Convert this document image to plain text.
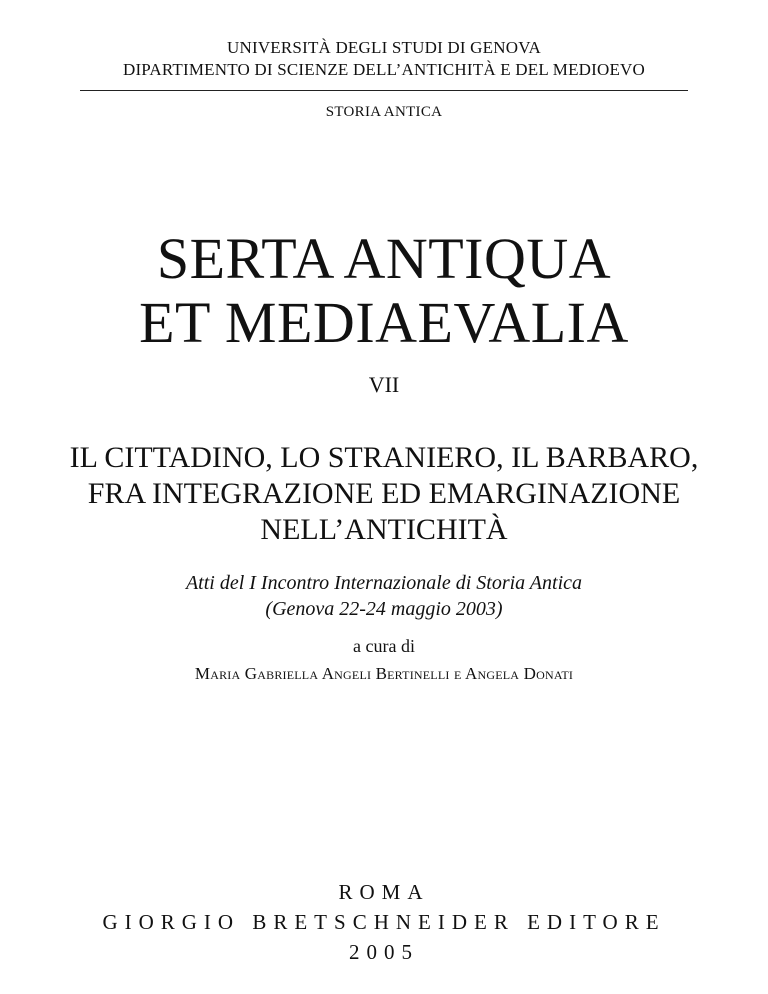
UNIVERSITÀ DEGLI STUDI DI GENOVA
DIPARTIMENTO DI SCIENZE DELL’ANTICHITÀ E DEL MEDIOEVO
STORIA ANTICA
SERTA ANTIQUA
ET MEDIAEVALIA
VII
IL CITTADINO, LO STRANIERO, IL BARBARO,
FRA INTEGRAZIONE ED EMARGINAZIONE
NELL’ANTICHITÀ
Atti del I Incontro Internazionale di Storia Antica
(Genova 22-24 maggio 2003)
a cura di
Maria Gabriella Angeli Bertinelli e Angela Donati
ROMA
GIORGIO BRETSCHNEIDER EDITORE
2005
